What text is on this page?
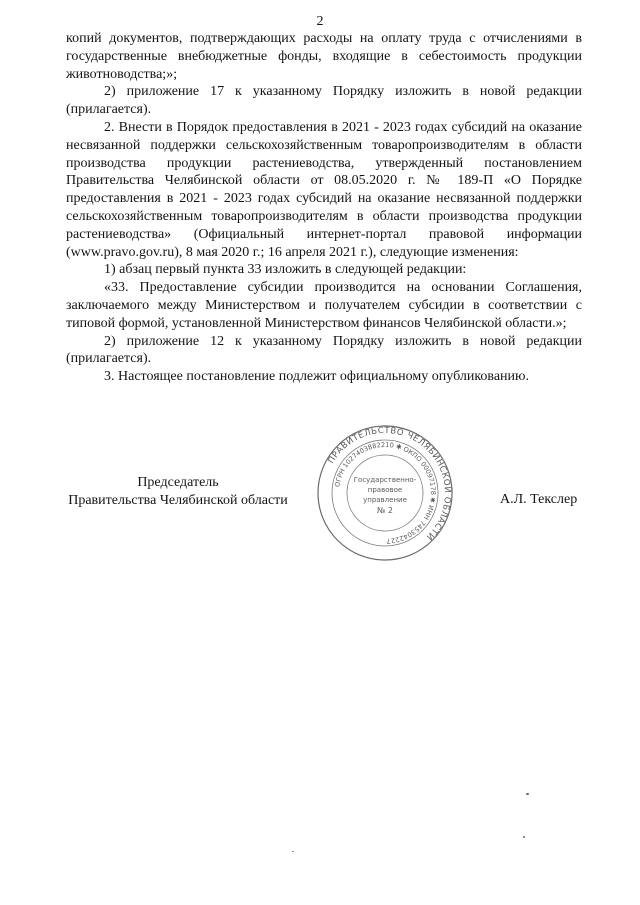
2

копий документов, подтверждающих расходы на оплату труда с отчислениями в государственные внебюджетные фонды, входящие в себестоимость продукции животноводства;»;

2) приложение 17 к указанному Порядку изложить в новой редакции (прилагается).

2. Внести в Порядок предоставления в 2021 - 2023 годах субсидий на оказание несвязанной поддержки сельскохозяйственным товаропроизводителям в области производства продукции растениеводства, утвержденный постановлением Правительства Челябинской области от 08.05.2020 г. № 189-П «О Порядке предоставления в 2021 - 2023 годах субсидий на оказание несвязанной поддержки сельскохозяйственным товаропроизводителям в области производства продукции растениеводства» (Официальный интернет-портал правовой информации (www.pravo.gov.ru), 8 мая 2020 г.; 16 апреля 2021 г.), следующие изменения:

1) абзац первый пункта 33 изложить в следующей редакции:

«33. Предоставление субсидии производится на основании Соглашения, заключаемого между Министерством и получателем субсидии в соответствии с типовой формой, установленной Министерством финансов Челябинской области.»;

2) приложение 12 к указанному Порядку изложить в новой редакции (прилагается).

3. Настоящее постановление подлежит официальному опубликованию.

Председатель
Правительства Челябинской области	А.Л. Текслер
ПРАВИТЕЛЬСТВО ЧЕЛЯБИНСКОЙ ОБЛАСТИ
ОГРН 1027403882210 ✱ ОКПО 00097178 ✱ ИНН 7453042227
Государственно-
правовое
управление
№ 2
